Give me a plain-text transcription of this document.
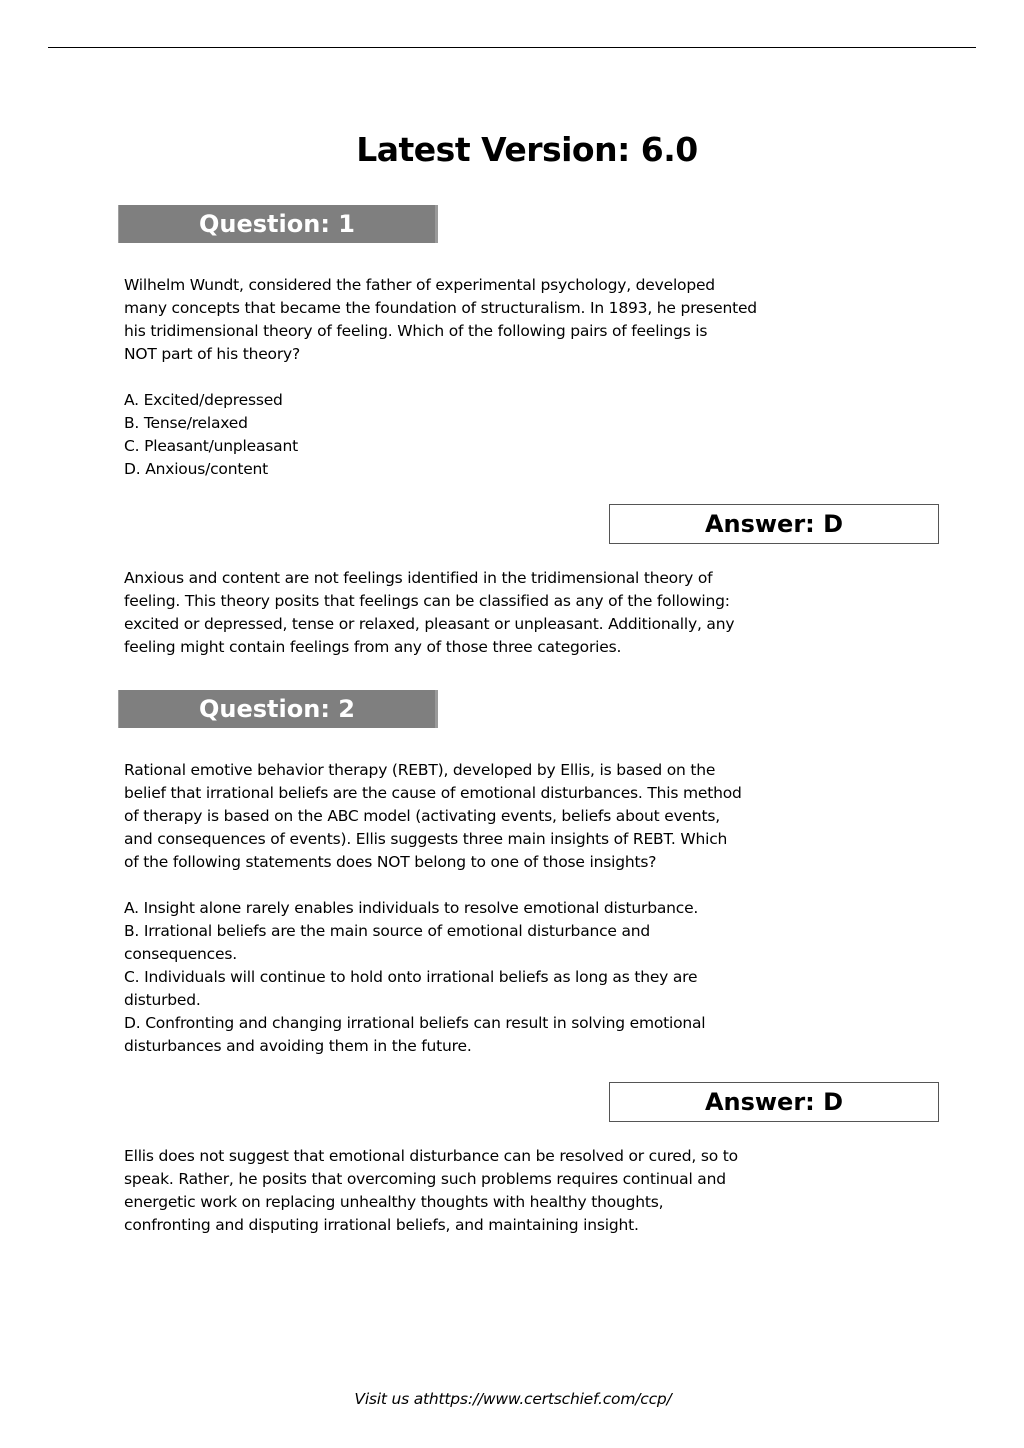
Latest Version: 6.0
Question: 1

Wilhelm Wundt, considered the father of experimental psychology, developed

many concepts that became the foundation of structuralism. In 1893, he presented

his tridimensional theory of feeling. Which of the following pairs of feelings is

NOT part of his theory?

A. Excited/depressed

B. Tense/relaxed

C. Pleasant/unpleasant

D. Anxious/content

Answer: D

Anxious and content are not feelings identified in the tridimensional theory of

feeling. This theory posits that feelings can be classified as any of the following:

excited or depressed, tense or relaxed, pleasant or unpleasant. Additionally, any

feeling might contain feelings from any of those three categories.

Question: 2

Rational emotive behavior therapy (REBT), developed by Ellis, is based on the

belief that irrational beliefs are the cause of emotional disturbances. This method

of therapy is based on the ABC model (activating events, beliefs about events,

and consequences of events). Ellis suggests three main insights of REBT. Which

of the following statements does NOT belong to one of those insights?

A. Insight alone rarely enables individuals to resolve emotional disturbance.

B. Irrational beliefs are the main source of emotional disturbance and

consequences.

C. Individuals will continue to hold onto irrational beliefs as long as they are

disturbed.

D. Confronting and changing irrational beliefs can result in solving emotional

disturbances and avoiding them in the future.

Answer: D

Ellis does not suggest that emotional disturbance can be resolved or cured, so to

speak. Rather, he posits that overcoming such problems requires continual and

energetic work on replacing unhealthy thoughts with healthy thoughts,

confronting and disputing irrational beliefs, and maintaining insight.

Visit us athttps://www.certschief.com/ccp/
